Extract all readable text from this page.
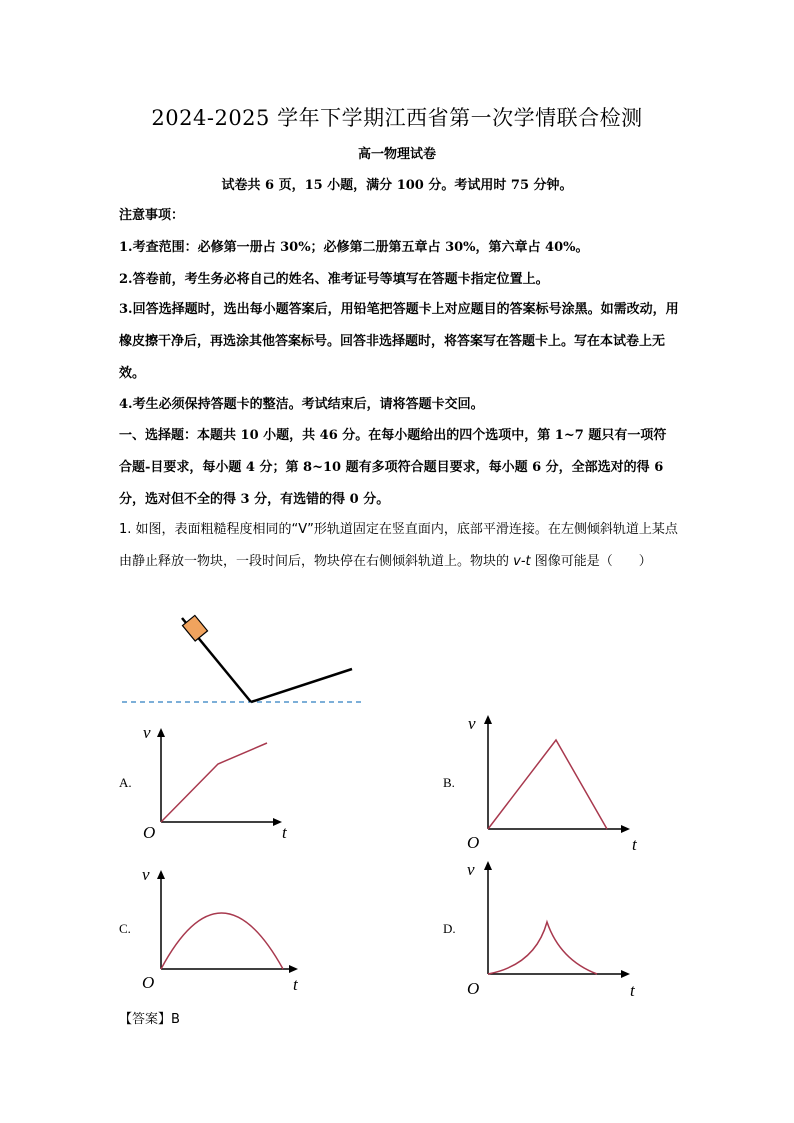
2024-2025 学年下学期江西省第一次学情联合检测
高一物理试卷
试卷共 6 页，15 小题，满分 100 分。考试用时 75 分钟。
注意事项：
1.考查范围：必修第一册占 30%；必修第二册第五章占 30%，第六章占 40%。
2.答卷前，考生务必将自己的姓名、准考证号等填写在答题卡指定位置上。
3.回答选择题时，选出每小题答案后，用铅笔把答题卡上对应题目的答案标号涂黑。如需改动，用橡皮擦干净后，再选涂其他答案标号。回答非选择题时，将答案写在答题卡上。写在本试卷上无效。
4.考生必须保持答题卡的整洁。考试结束后，请将答题卡交回。
一、选择题：本题共 10 小题，共 46 分。在每小题给出的四个选项中，第 1~7 题只有一项符合题-目要求，每小题 4 分；第 8~10 题有多项符合题目要求，每小题 6 分，全部选对的得 6 分，选对但不全的得 3 分，有选错的得 0 分。
1. 如图，表面粗糙程度相同的“V”形轨道固定在竖直面内，底部平滑连接。在左侧倾斜轨道上某点由静止释放一物块，一段时间后，物块停在右侧倾斜轨道上。物块的 v-t 图像可能是（　　）
v
O	t
v
O	t
v
O	t
v
O	t
A.	B.
C.	D.
【答案】B
